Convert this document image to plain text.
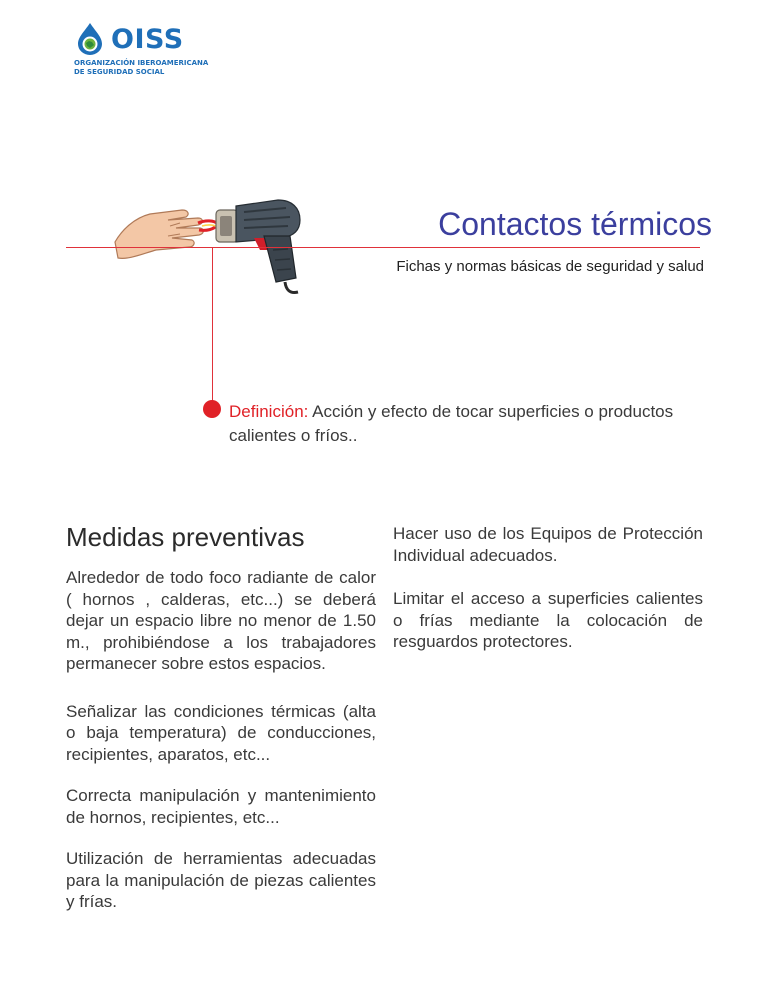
OISS
ORGANIZACIÓN IBEROAMERICANA
DE SEGURIDAD SOCIAL
Contactos térmicos
Fichas y normas básicas de seguridad y salud
Definición: Acción y efecto de tocar superficies o productos calientes o fríos..
Medidas preventivas

Alrededor de todo foco radiante de calor ( hornos , calderas, etc...) se deberá dejar un espacio libre no menor de 1.50 m., prohibiéndose a los trabajadores permanecer sobre estos espacios.

Señalizar las condiciones térmicas (alta o baja temperatura) de conducciones, recipientes, aparatos, etc...

Correcta manipulación y mantenimiento de hornos, recipientes, etc...

Utilización de herramientas adecuadas para la manipulación de piezas calientes y frías.

Hacer uso de los Equipos de Protección Individual adecuados.

Limitar el acceso a superficies calientes o frías mediante la colocación de resguardos protectores.
